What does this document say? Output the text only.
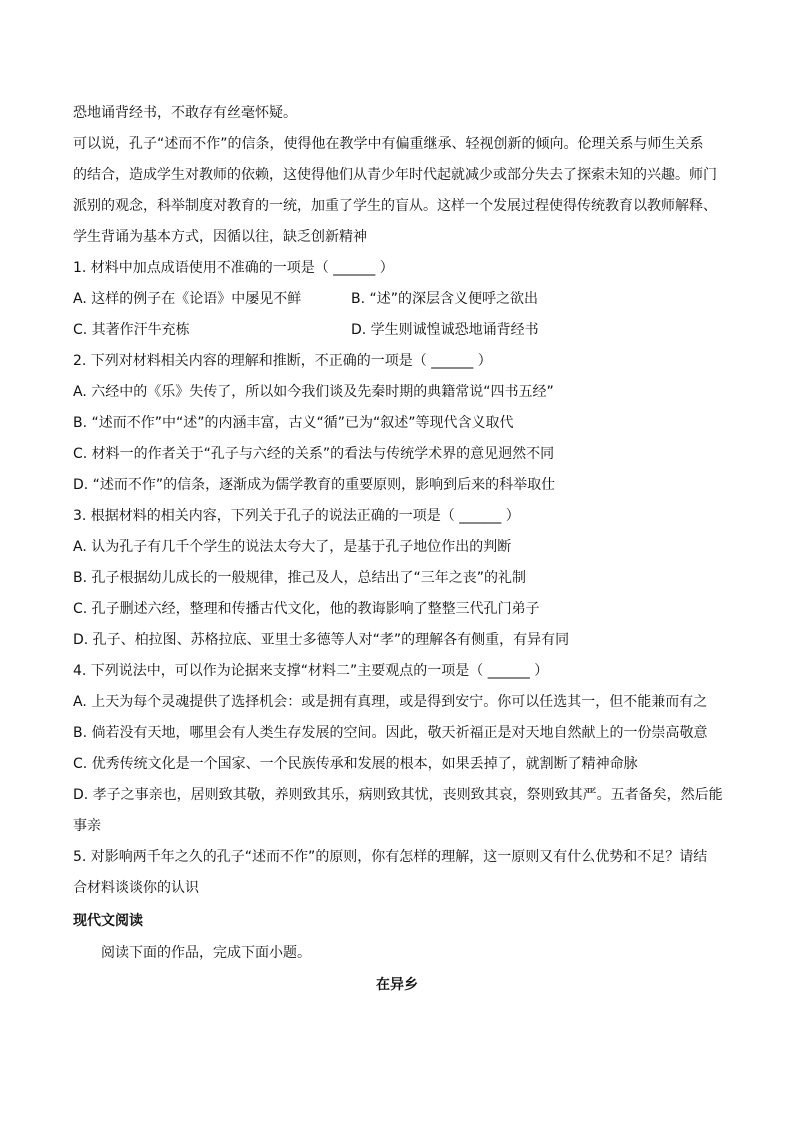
恐地诵背经书，不敢存有丝毫怀疑。
可以说，孔子“述而不作”的信条，使得他在教学中有偏重继承、轻视创新的倾向。伦理关系与师生关系
的结合，造成学生对教师的依赖，这使得他们从青少年时代起就减少或部分失去了探索未知的兴趣。师门
派别的观念，科举制度对教育的一统，加重了学生的盲从。这样一个发展过程使得传统教育以教师解释、
学生背诵为基本方式，因循以往，缺乏创新精神
1. 材料中加点成语使用不准确的一项是（ ______ ）
A. 这样的例子在《论语》中屡见不鲜	B. “述”的深层含义便呼之欲出
C. 其著作汗牛充栋	D. 学生则诚惶诚恐地诵背经书
2. 下列对材料相关内容的理解和推断，不正确的一项是（ ______ ）
A. 六经中的《乐》失传了，所以如今我们谈及先秦时期的典籍常说“四书五经”
B. “述而不作”中“述”的内涵丰富，古义“循”已为“叙述”等现代含义取代
C. 材料一的作者关于“孔子与六经的关系”的看法与传统学术界的意见迥然不同
D. “述而不作”的信条，逐渐成为儒学教育的重要原则，影响到后来的科举取仕
3. 根据材料的相关内容，下列关于孔子的说法正确的一项是（ ______ ）
A. 认为孔子有几千个学生的说法太夸大了，是基于孔子地位作出的判断
B. 孔子根据幼儿成长的一般规律，推己及人，总结出了“三年之丧”的礼制
C. 孔子删述六经，整理和传播古代文化，他的教诲影响了整整三代孔门弟子
D. 孔子、柏拉图、苏格拉底、亚里士多德等人对“孝”的理解各有侧重，有异有同
4. 下列说法中，可以作为论据来支撑“材料二”主要观点的一项是（ ______ ）
A. 上天为每个灵魂提供了选择机会：或是拥有真理，或是得到安宁。你可以任选其一，但不能兼而有之
B. 倘若没有天地，哪里会有人类生存发展的空间。因此，敬天祈福正是对天地自然献上的一份崇高敬意
C. 优秀传统文化是一个国家、一个民族传承和发展的根本，如果丢掉了，就割断了精神命脉
D. 孝子之事亲也，居则致其敬，养则致其乐，病则致其忧，丧则致其哀，祭则致其严。五者备矣，然后能
事亲
5. 对影响两千年之久的孔子“述而不作”的原则，你有怎样的理解，这一原则又有什么优势和不足？请结
合材料谈谈你的认识
现代文阅读
阅读下面的作品，完成下面小题。
在异乡
